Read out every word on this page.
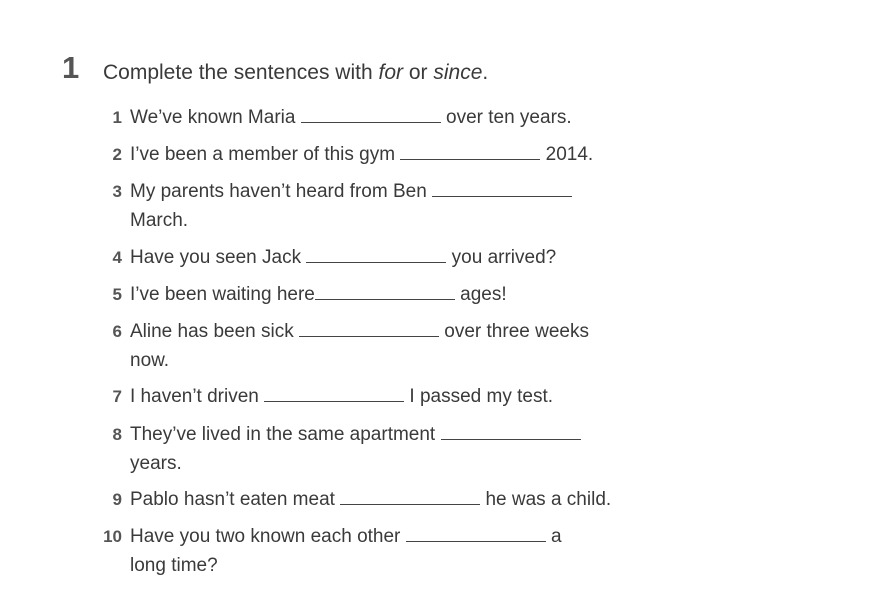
1 Complete the sentences with for or since.
1 We’ve known Maria	over ten years.
2 I’ve been a member of this gym	2014.
3 My parents haven’t heard from Ben
March.
4 Have you seen Jack	you arrived?
5 I’ve been waiting here	ages!
6 Aline has been sick	over three weeks
now.
7 I haven’t driven	I passed my test.
8 They’ve lived in the same apartment
years.
9 Pablo hasn’t eaten meat	he was a child.
10 Have you two known each other	a
long time?
